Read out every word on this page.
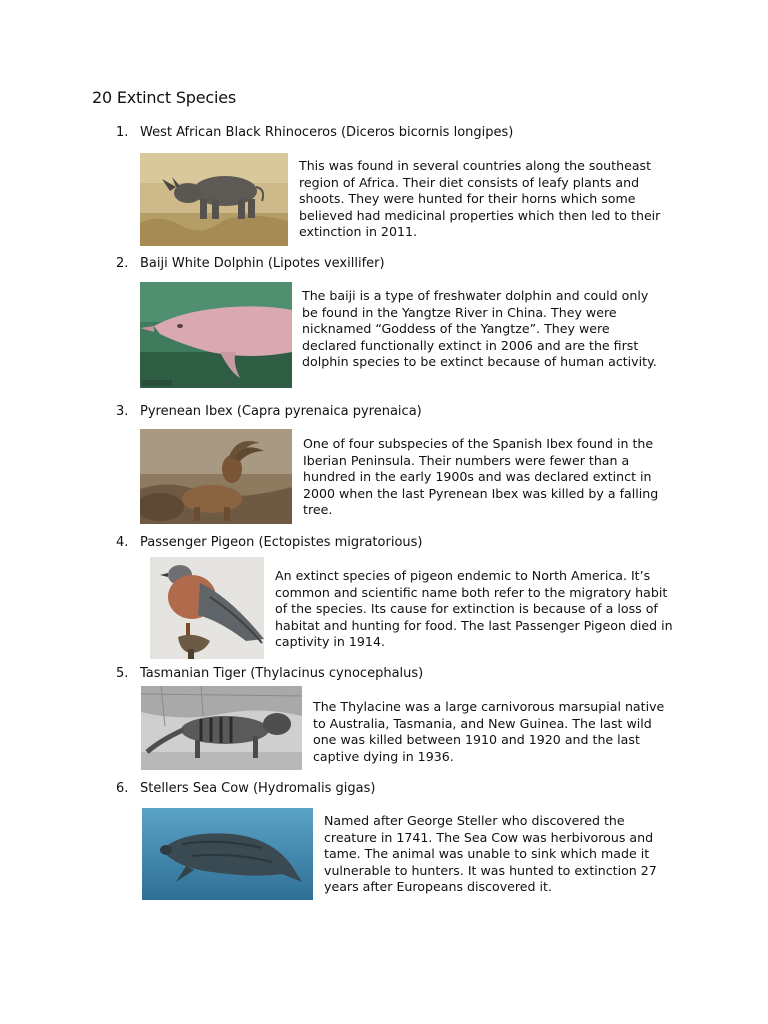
20 Extinct Species
1. West African Black Rhinoceros (Diceros bicornis longipes)
This was found in several countries along the southeast region of Africa. Their diet consists of leafy plants and shoots. They were hunted for their horns which some believed had medicinal properties which then led to their extinction in 2011.
2. Baiji White Dolphin (Lipotes vexillifer)
The baiji is a type of freshwater dolphin and could only be found in the Yangtze River in China. They were nicknamed “Goddess of the Yangtze”. They were declared functionally extinct in 2006 and are the first dolphin species to be extinct because of human activity.
3. Pyrenean Ibex (Capra pyrenaica pyrenaica)
One of four subspecies of the Spanish Ibex found in the Iberian Peninsula. Their numbers were fewer than a hundred in the early 1900s and was declared extinct in 2000 when the last Pyrenean Ibex was killed by a falling tree.
4. Passenger Pigeon (Ectopistes migratorious)
An extinct species of pigeon endemic to North America. It’s common and scientific name both refer to the migratory habit of the species. Its cause for extinction is because of a loss of habitat and hunting for food. The last Passenger Pigeon died in captivity in 1914.
5. Tasmanian Tiger (Thylacinus cynocephalus)
The Thylacine was a large carnivorous marsupial native to Australia, Tasmania, and New Guinea. The last wild one was killed between 1910 and 1920 and the last captive dying in 1936.
6. Stellers Sea Cow (Hydromalis gigas)
Named after George Steller who discovered the creature in 1741. The Sea Cow was herbivorous and tame. The animal was unable to sink which made it vulnerable to hunters. It was hunted to extinction 27 years after Europeans discovered it.
